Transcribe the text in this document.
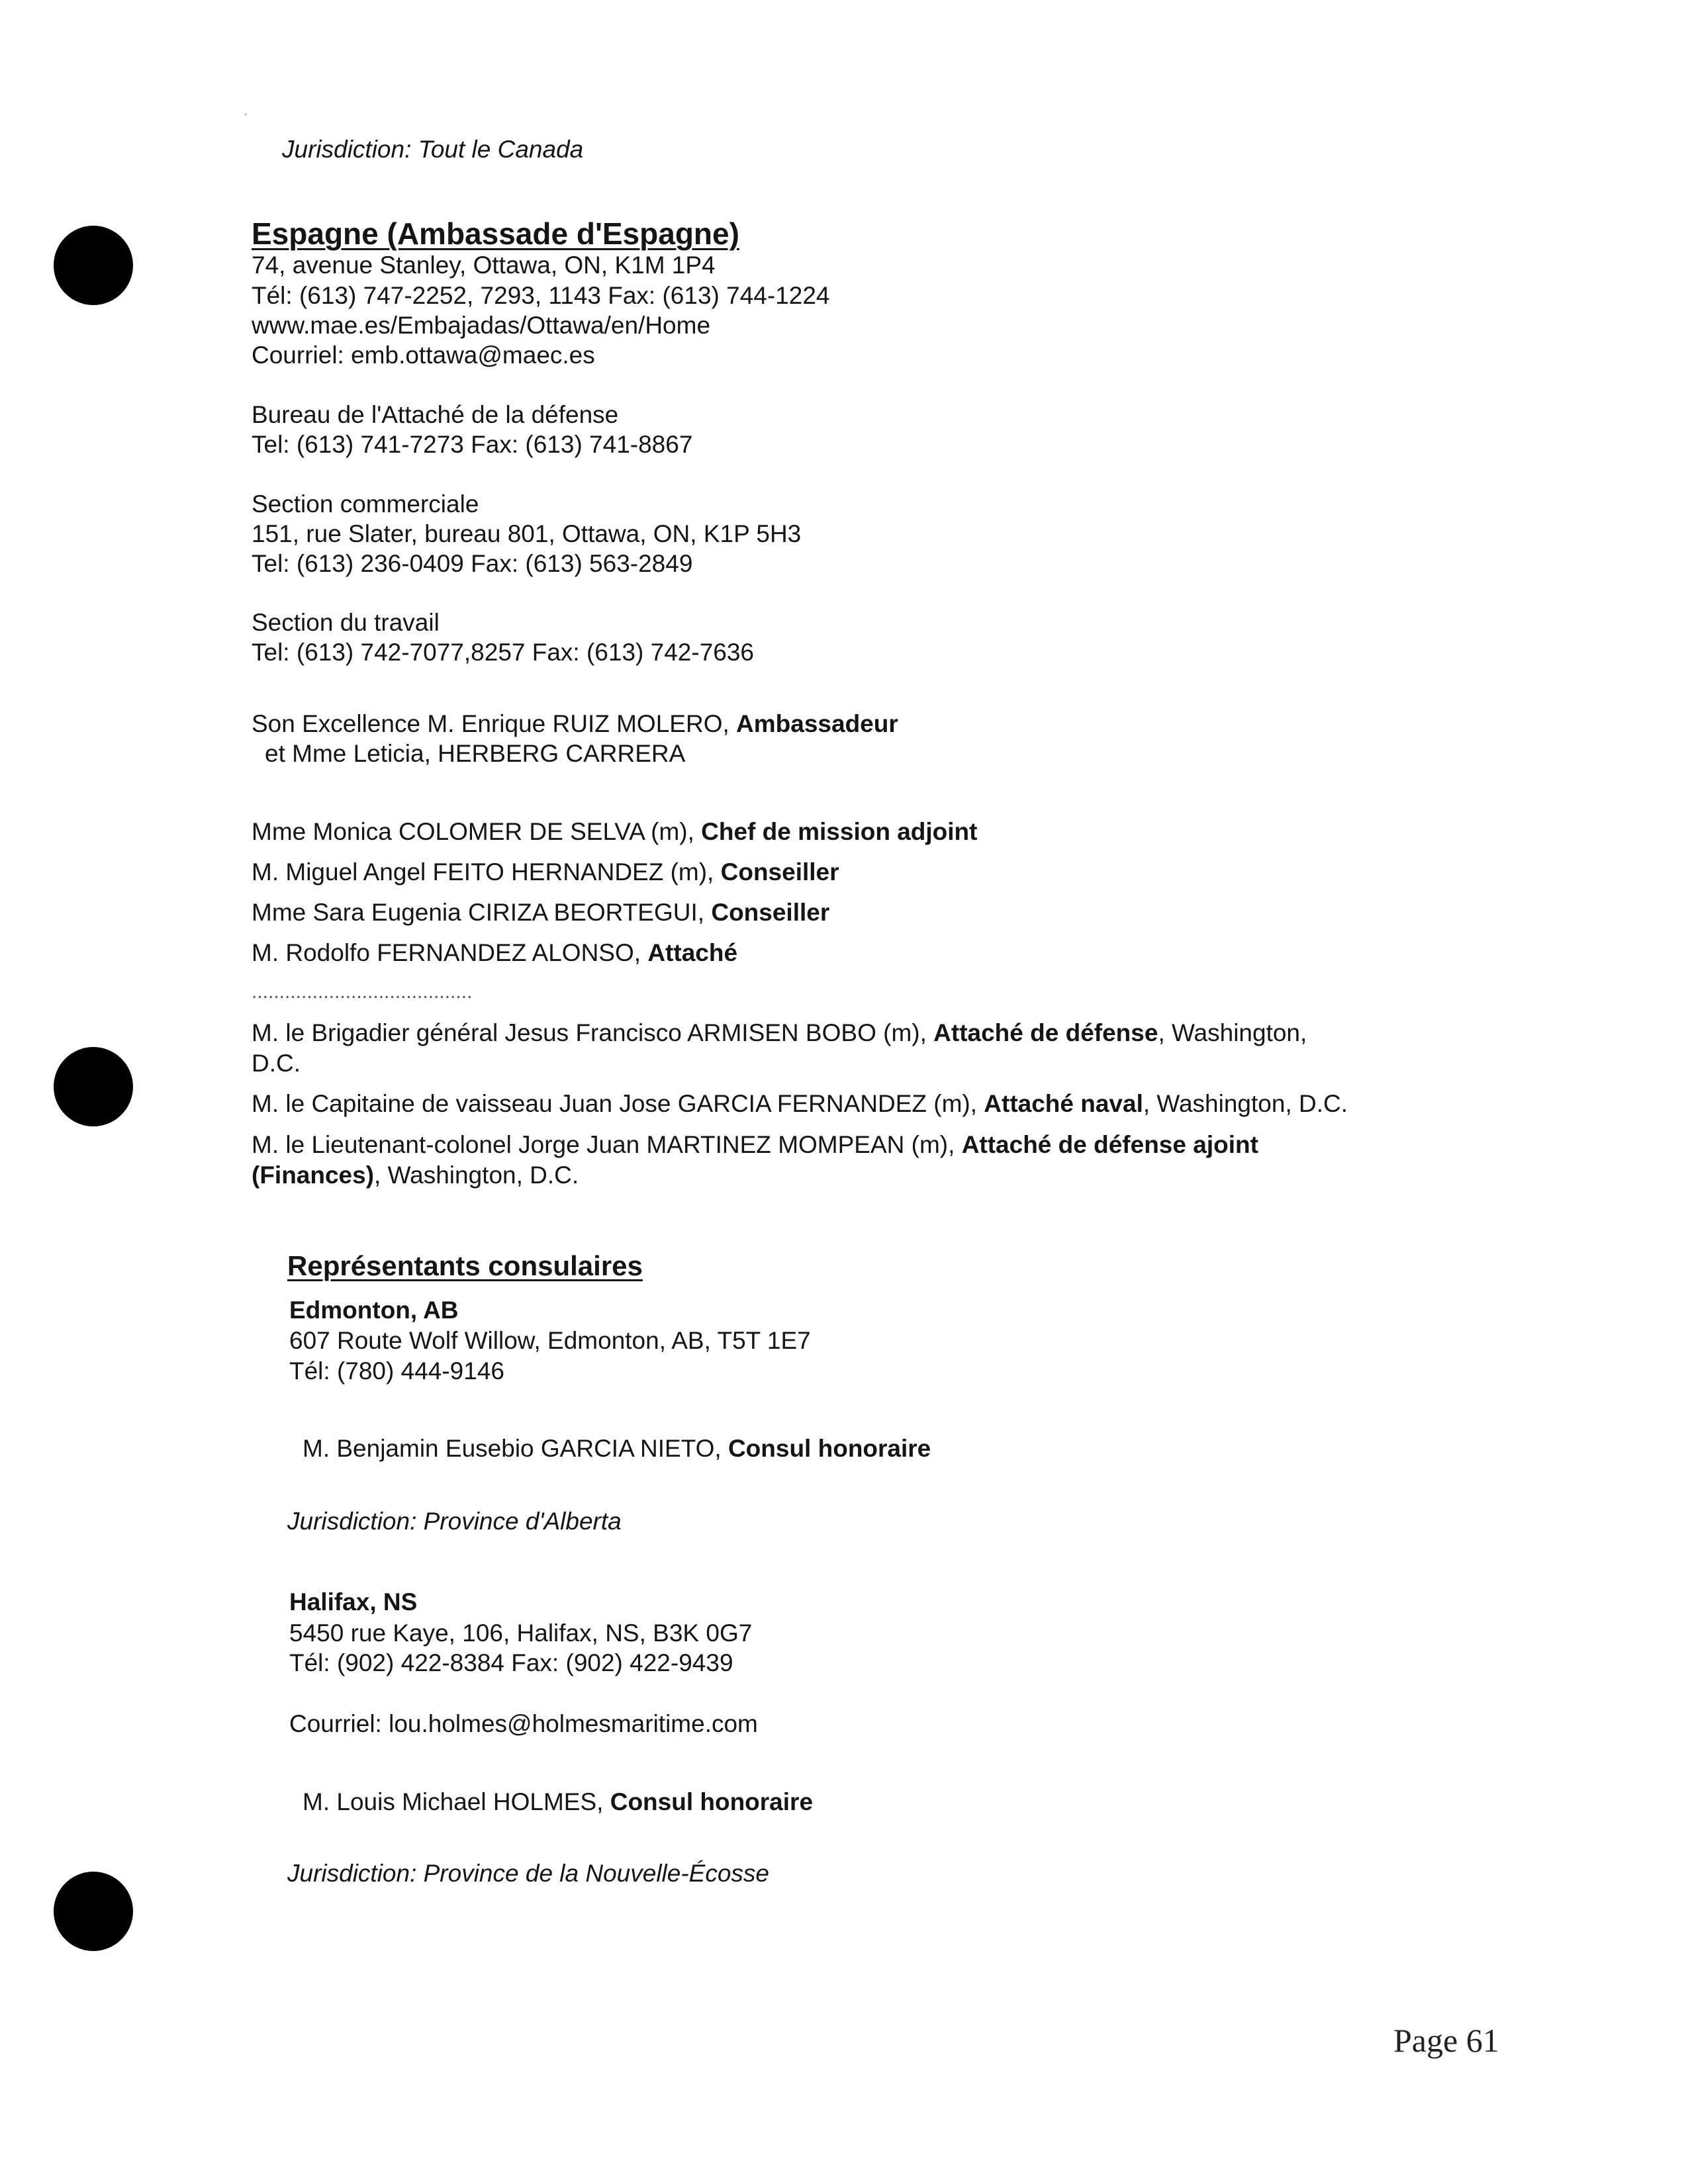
Jurisdiction: Tout le Canada
Espagne (Ambassade d'Espagne)
74, avenue Stanley, Ottawa, ON, K1M 1P4
Tél: (613) 747-2252, 7293, 1143 Fax: (613) 744-1224
www.mae.es/Embajadas/Ottawa/en/Home
Courriel: emb.ottawa@maec.es
Bureau de l'Attaché de la défense
Tel: (613) 741-7273 Fax: (613) 741-8867
Section commerciale
151, rue Slater, bureau 801, Ottawa, ON, K1P 5H3
Tel: (613) 236-0409 Fax: (613) 563-2849
Section du travail
Tel: (613) 742-7077,8257 Fax: (613) 742-7636
Son Excellence M. Enrique RUIZ MOLERO, Ambassadeur
et Mme Leticia, HERBERG CARRERA
Mme Monica COLOMER DE SELVA (m), Chef de mission adjoint
M. Miguel Angel FEITO HERNANDEZ (m), Conseiller
Mme Sara Eugenia CIRIZA BEORTEGUI, Conseiller
M. Rodolfo FERNANDEZ ALONSO, Attaché
........................................
M. le Brigadier général Jesus Francisco ARMISEN BOBO (m), Attaché de défense, Washington,
D.C.
M. le Capitaine de vaisseau Juan Jose GARCIA FERNANDEZ (m), Attaché naval, Washington, D.C.
M. le Lieutenant-colonel Jorge Juan MARTINEZ MOMPEAN (m), Attaché de défense ajoint
(Finances), Washington, D.C.
Représentants consulaires
Edmonton, AB
607 Route Wolf Willow, Edmonton, AB, T5T 1E7
Tél: (780) 444-9146
M. Benjamin Eusebio GARCIA NIETO, Consul honoraire
Jurisdiction: Province d'Alberta
Halifax, NS
5450 rue Kaye, 106, Halifax, NS, B3K 0G7
Tél: (902) 422-8384 Fax: (902) 422-9439
Courriel: lou.holmes@holmesmaritime.com
M. Louis Michael HOLMES, Consul honoraire
Jurisdiction: Province de la Nouvelle-Écosse
Page 61
